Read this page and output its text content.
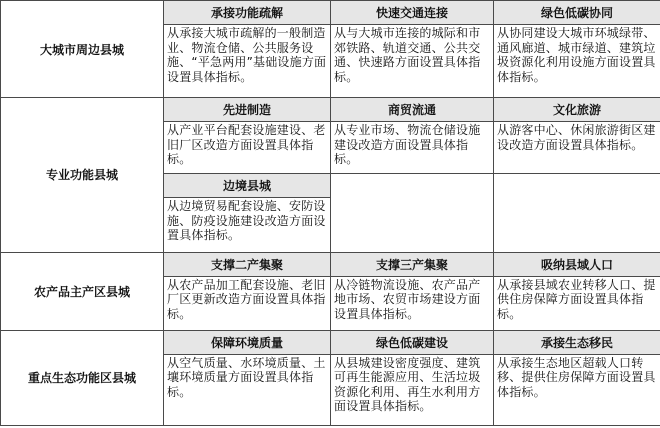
大城市周边县城	承接功能疏解	快速交通连接	绿色低碳协同
	从承接大城市疏解的一般制造业、物流仓储、公共服务设施、“平急两用”基础设施方面设置具体指标。	从与大城市连接的城际和市郊铁路、轨道交通、公共交通、快速路方面设置具体指标。	从协同建设大城市环城绿带、通风廊道、城市绿道、建筑垃圾资源化利用设施方面设置具体指标。
专业功能县城	先进制造	商贸流通	文化旅游
	从产业平台配套设施建设、老旧厂区改造方面设置具体指标。	从专业市场、物流仓储设施建设改造方面设置具体指标。	从游客中心、休闲旅游街区建设改造方面设置具体指标。
	边境县城		
	从边境贸易配套设施、安防设施、防疫设施建设改造方面设置具体指标。		
农产品主产区县城	支撑二产集聚	支撑三产集聚	吸纳县域人口
	从农产品加工配套设施、老旧厂区更新改造方面设置具体指标。	从冷链物流设施、农产品产地市场、农贸市场建设方面设置具体指标。	从承接县域农业转移人口、提供住房保障方面设置具体指标。
重点生态功能区县城	保障环境质量	绿色低碳建设	承接生态移民
	从空气质量、水环境质量、土壤环境质量方面设置具体指标。	从县城建设密度强度、建筑可再生能源应用、生活垃圾资源化利用、再生水利用方面设置具体指标。	从承接生态地区超载人口转移、提供住房保障方面设置具体指标。
